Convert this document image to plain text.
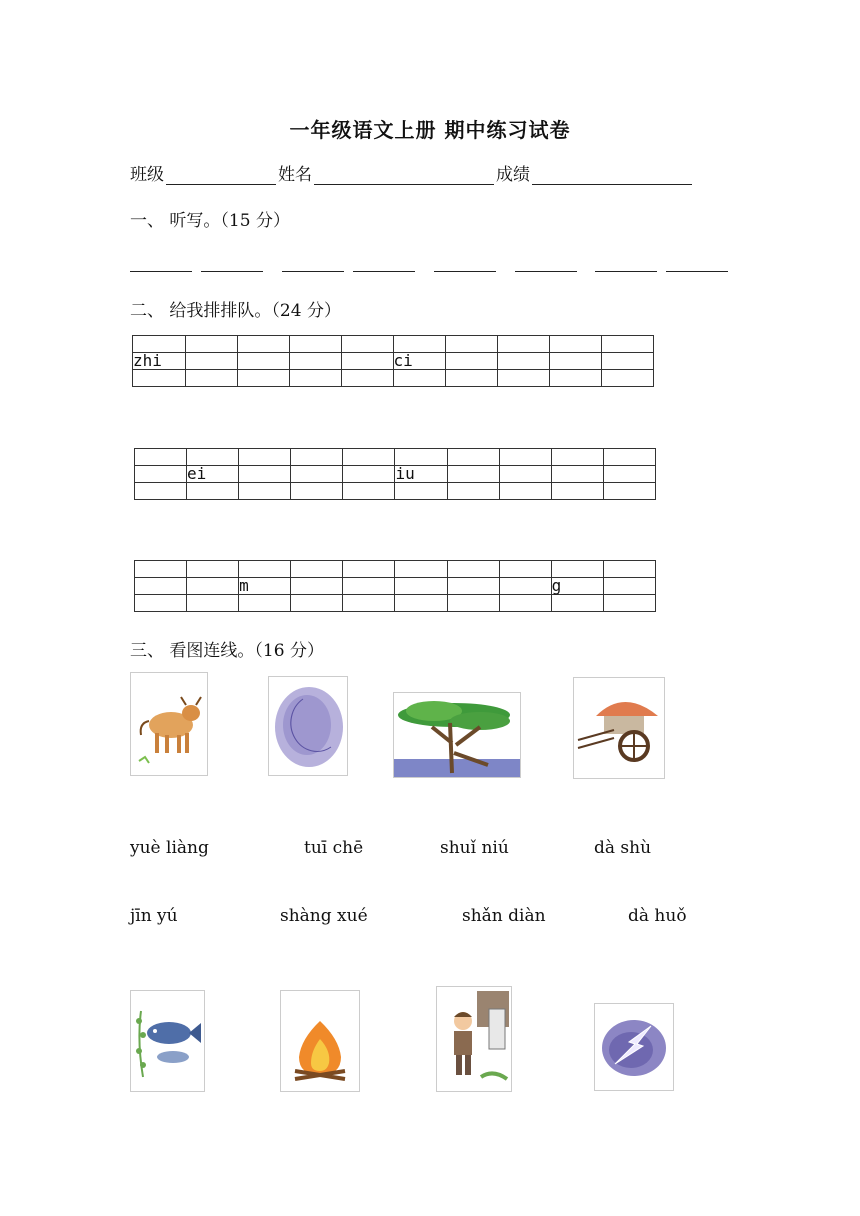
一年级语文上册 期中练习试卷
班级	姓名	成绩
一、 听写。（15 分）
二、 给我排排队。（24 分）

zhi					ci				

	ei				iu				

		m						g	

三、 看图连线。（16 分）
yuè liàng	tuī chē	shuǐ niú	dà shù
jīn yú	shàng xué	shǎn diàn	dà huǒ
